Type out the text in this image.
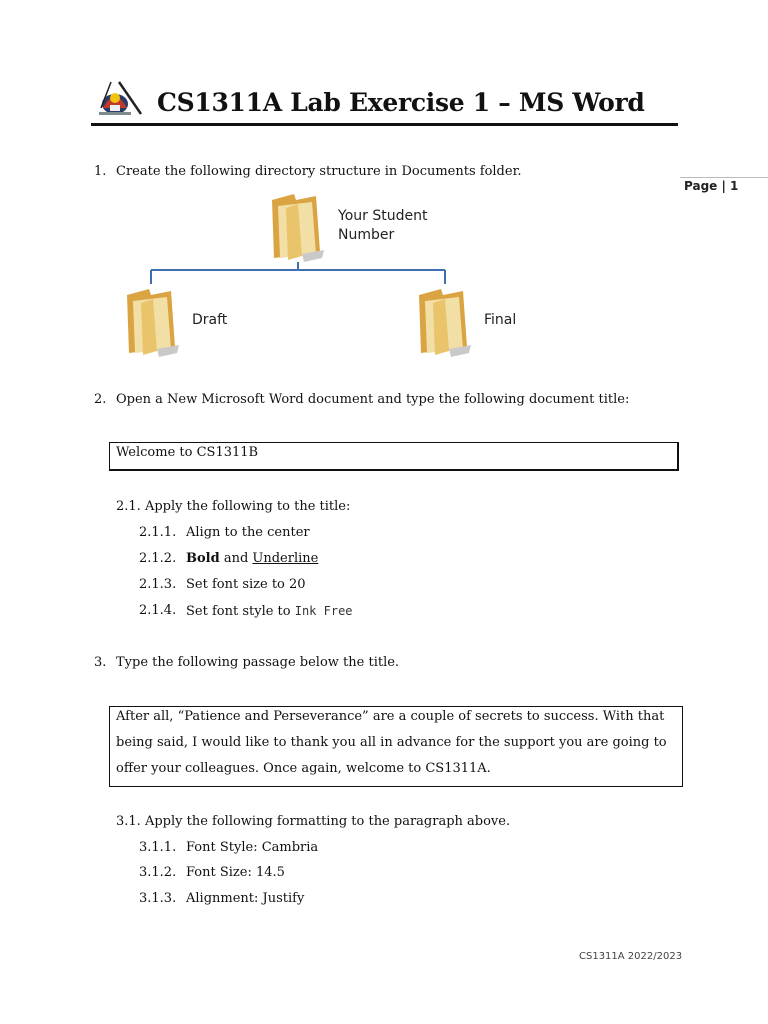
CS1311A Lab Exercise 1 – MS Word
Page | 1
1. Create the following directory structure in Documents folder.
Your Student
Number
Draft	Final
2. Open a New Microsoft Word document and type the following document title:
Welcome to CS1311B
2.1. Apply the following to the title:
2.1.1. Align to the center
2.1.2. Bold and Underline
2.1.3. Set font size to 20
2.1.4. Set font style to Ink Free
3. Type the following passage below the title.
After all, “Patience and Perseverance” are a couple of secrets to success. With that
being said, I would like to thank you all in advance for the support you are going to
offer your colleagues. Once again, welcome to CS1311A.
3.1. Apply the following formatting to the paragraph above.
3.1.1. Font Style: Cambria
3.1.2. Font Size: 14.5
3.1.3. Alignment: Justify
CS1311A 2022/2023
